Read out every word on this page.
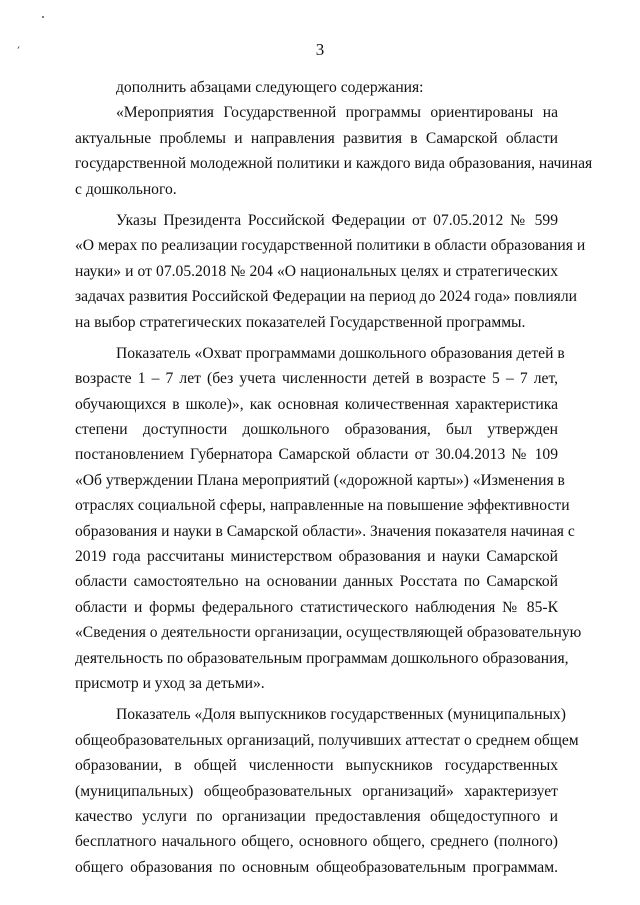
3
дополнить абзацами следующего содержания:
«Мероприятия Государственной программы ориентированы на
актуальные проблемы и направления развития в Самарской области
государственной молодежной политики и каждого вида образования, начиная
с дошкольного.
Указы Президента Российской Федерации от 07.05.2012 № 599
«О мерах по реализации государственной политики в области образования и
науки» и от 07.05.2018 № 204 «О национальных целях и стратегических
задачах развития Российской Федерации на период до 2024 года» повлияли
на выбор стратегических показателей Государственной программы.
Показатель «Охват программами дошкольного образования детей в
возрасте 1 – 7 лет (без учета численности детей в возрасте 5 – 7 лет,
обучающихся в школе)», как основная количественная характеристика
степени доступности дошкольного образования, был утвержден
постановлением Губернатора Самарской области от 30.04.2013 № 109
«Об утверждении Плана мероприятий («дорожной карты») «Изменения в
отраслях социальной сферы, направленные на повышение эффективности
образования и науки в Самарской области». Значения показателя начиная с
2019 года рассчитаны министерством образования и науки Самарской
области самостоятельно на основании данных Росстата по Самарской
области и формы федерального статистического наблюдения № 85-К
«Сведения о деятельности организации, осуществляющей образовательную
деятельность по образовательным программам дошкольного образования,
присмотр и уход за детьми».
Показатель «Доля выпускников государственных (муниципальных)
общеобразовательных организаций, получивших аттестат о среднем общем
образовании, в общей численности выпускников государственных
(муниципальных) общеобразовательных организаций» характеризует
качество услуги по организации предоставления общедоступного и
бесплатного начального общего, основного общего, среднего (полного)
общего образования по основным общеобразовательным программам.
